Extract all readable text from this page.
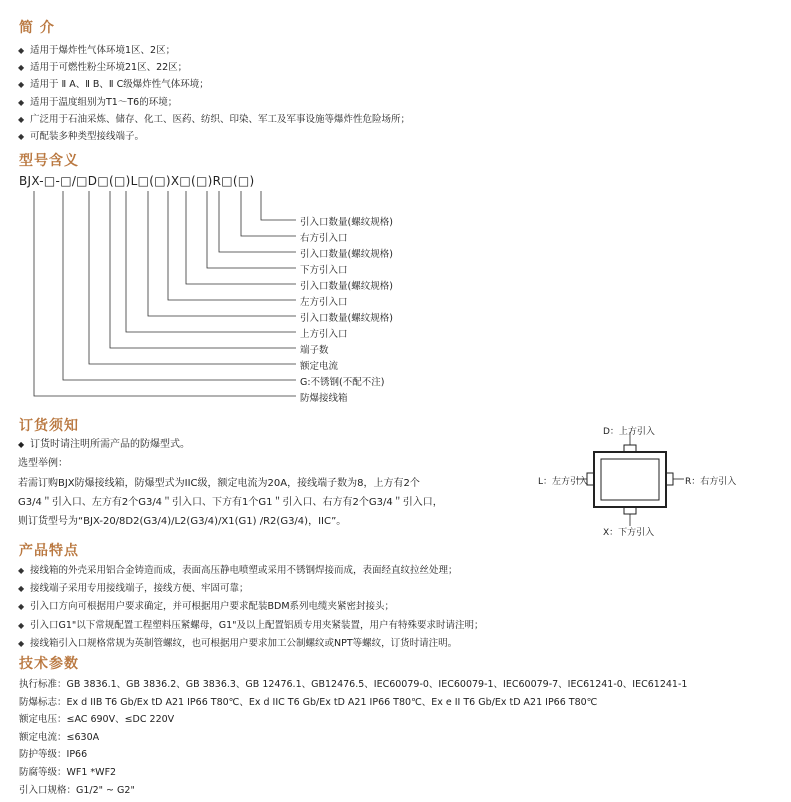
简 介
◆ 适用于爆炸性气体环境1区、2区；
◆ 适用于可燃性粉尘环境21区、22区；
◆ 适用于 Ⅱ A、Ⅱ B、Ⅱ C级爆炸性气体环境；
◆ 适用于温度组别为T1～T6的环境；
◆ 广泛用于石油采炼、储存、化工、医药、纺织、印染、军工及军事设施等爆炸性危险场所；
◆ 可配装多种类型接线端子。
型号含义
BJX-□-□/□D□(□)L□(□)X□(□)R□(□)
引入口数量(螺纹规格)
右方引入口
引入口数量(螺纹规格)
下方引入口
引入口数量(螺纹规格)
左方引入口
引入口数量(螺纹规格)
上方引入口
端子数
额定电流
G:不锈钢(不配不注)
防爆接线箱
订货须知
◆ 订货时请注明所需产品的防爆型式。
选型举例：
若需订购BJX防爆接线箱，防爆型式为IIC级，额定电流为20A，接线端子数为8，上方有2个
G3/4＂引入口、左方有2个G3/4＂引入口、下方有1个G1＂引入口、右方有2个G3/4＂引入口，
则订货型号为“BJX-20/8D2(G3/4)/L2(G3/4)/X1(G1) /R2(G3/4)，IIC”。
D：上方引入
L：左方引入	R：右方引入
X：下方引入
产品特点
◆ 接线箱的外壳采用铝合金铸造而成，表面高压静电喷塑或采用不锈钢焊接而成，表面经直纹拉丝处理；
◆ 接线端子采用专用接线端子，接线方便、牢固可靠；
◆ 引入口方向可根据用户要求确定，并可根据用户要求配装BDM系列电缆夹紧密封接头；
◆ 引入口G1"以下常规配置工程塑料压紧螺母，G1"及以上配置铝质专用夹紧装置，用户有特殊要求时请注明；
◆ 接线箱引入口规格常规为英制管螺纹，也可根据用户要求加工公制螺纹或NPT等螺纹，订货时请注明。
技术参数
执行标准：GB 3836.1、GB 3836.2、GB 3836.3、GB 12476.1、GB12476.5、IEC60079-0、IEC60079-1、IEC60079-7、IEC61241-0、IEC61241-1
防爆标志：Ex d IIB T6 Gb/Ex tD A21 IP66 T80℃、Ex d IIC T6 Gb/Ex tD A21 IP66 T80℃、Ex e II T6 Gb/Ex tD A21 IP66 T80℃
额定电压：≤AC 690V、≤DC 220V
额定电流：≤630A
防护等级：IP66
防腐等级：WF1 *WF2
引入口规格：G1/2" ~ G2"
